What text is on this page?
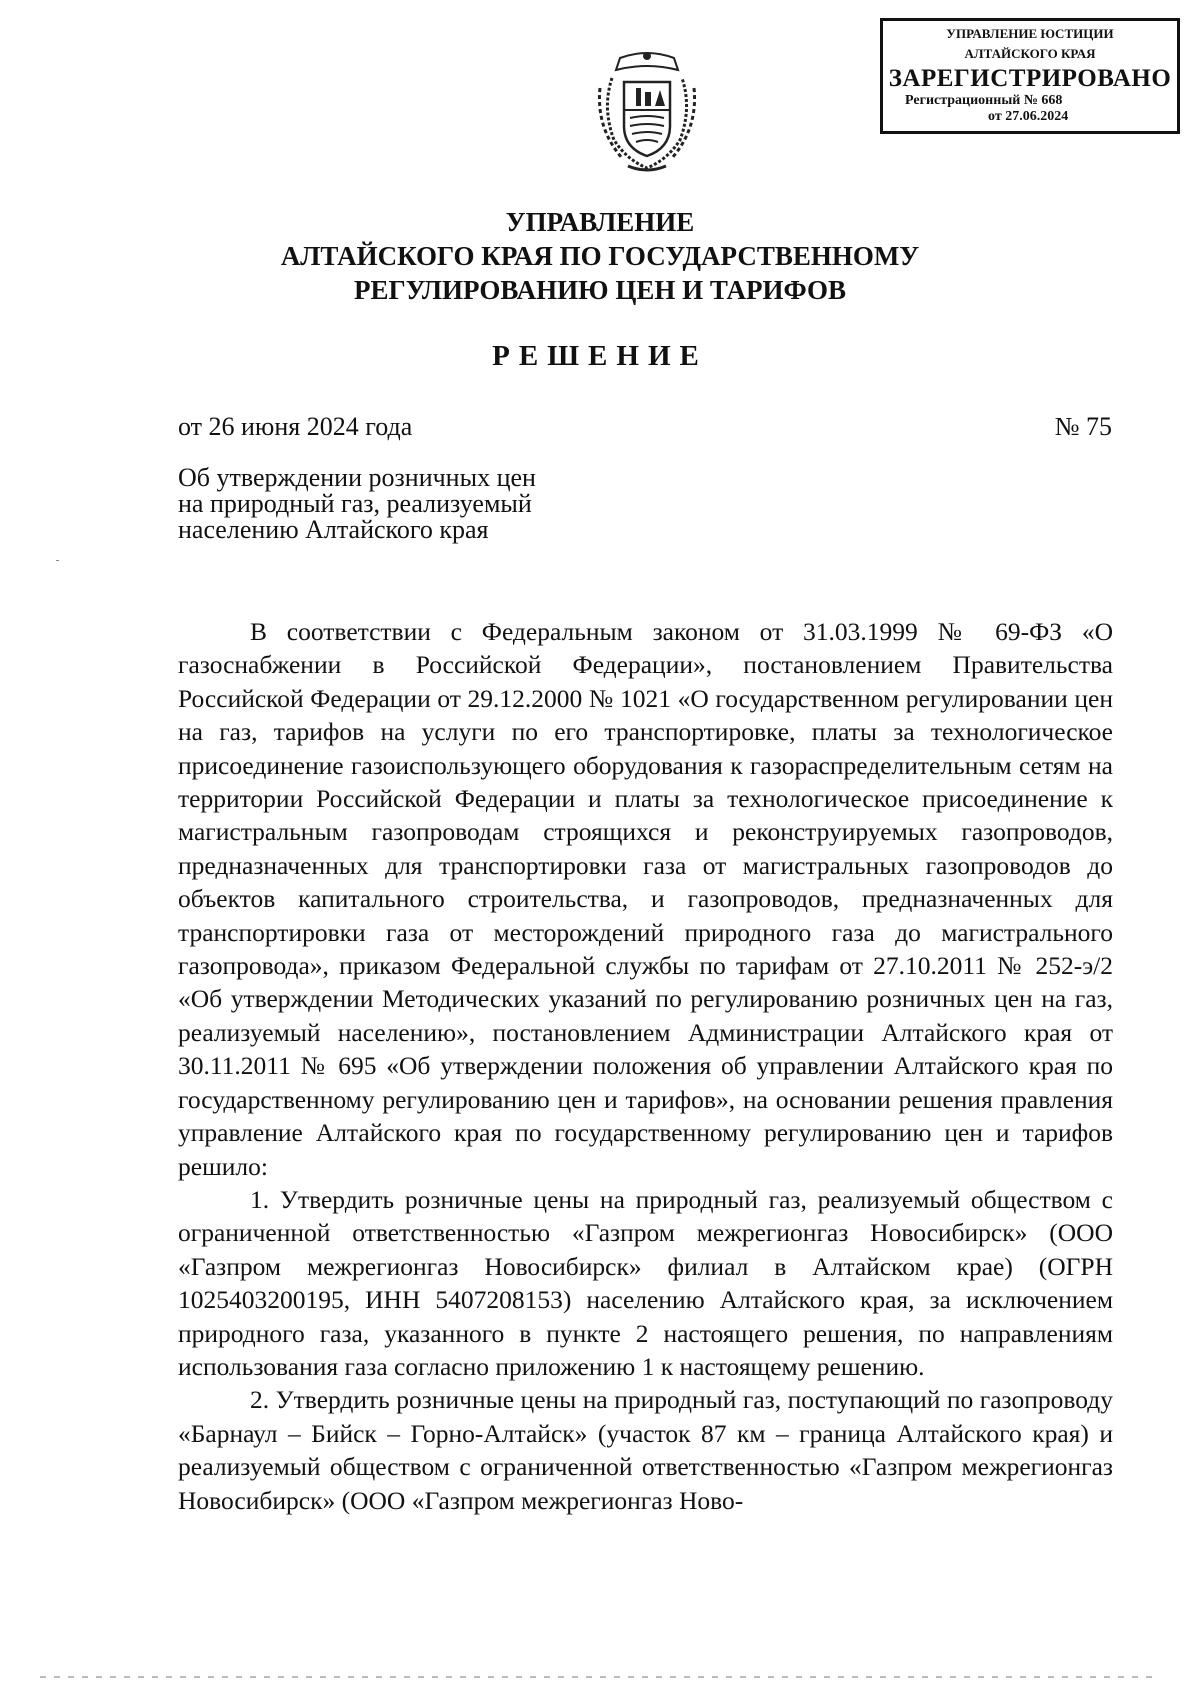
УПРАВЛЕНИЕ ЮСТИЦИИ
АЛТАЙСКОГО КРАЯ
ЗАРЕГИСТРИРОВАНО
Регистрационный № 668
от 27.06.2024
УПРАВЛЕНИЕ
АЛТАЙСКОГО КРАЯ ПО ГОСУДАРСТВЕННОМУ
РЕГУЛИРОВАНИЮ ЦЕН И ТАРИФОВ
РЕШЕНИЕ
от 26 июня 2024 года	№ 75
Об утверждении розничных цен
на природный газ, реализуемый
населению Алтайского края

В соответствии с Федеральным законом от 31.03.1999 № 69-ФЗ «О газоснабжении в Российской Федерации», постановлением Правительства Российской Федерации от 29.12.2000 № 1021 «О государственном регулировании цен на газ, тарифов на услуги по его транспортировке, платы за технологическое присоединение газоиспользующего оборудования к газораспределительным сетям на территории Российской Федерации и платы за технологическое присоединение к магистральным газопроводам строящихся и реконструируемых газопроводов, предназначенных для транспортировки газа от магистральных газопроводов до объектов капитального строительства, и газопроводов, предназначенных для транспортировки газа от месторождений природного газа до магистрального газопровода», приказом Федеральной службы по тарифам от 27.10.2011 № 252-э/2 «Об утверждении Методических указаний по регулированию розничных цен на газ, реализуемый населению», постановлением Администрации Алтайского края от 30.11.2011 № 695 «Об утверждении положения об управлении Алтайского края по государственному регулированию цен и тарифов», на основании решения правления управление Алтайского края по государственному регулированию цен и тарифов решило:

1. Утвердить розничные цены на природный газ, реализуемый обществом с ограниченной ответственностью «Газпром межрегионгаз Новосибирск» (ООО «Газпром межрегионгаз Новосибирск» филиал в Алтайском крае) (ОГРН 1025403200195, ИНН 5407208153) населению Алтайского края, за исключением природного газа, указанного в пункте 2 настоящего решения, по направлениям использования газа согласно приложению 1 к настоящему решению.

2. Утвердить розничные цены на природный газ, поступающий по газопроводу «Барнаул – Бийск – Горно-Алтайск» (участок 87 км – граница Алтайского края) и реализуемый обществом с ограниченной ответственностью «Газпром межрегионгаз Новосибирск» (ООО «Газпром межрегионгаз Ново-
